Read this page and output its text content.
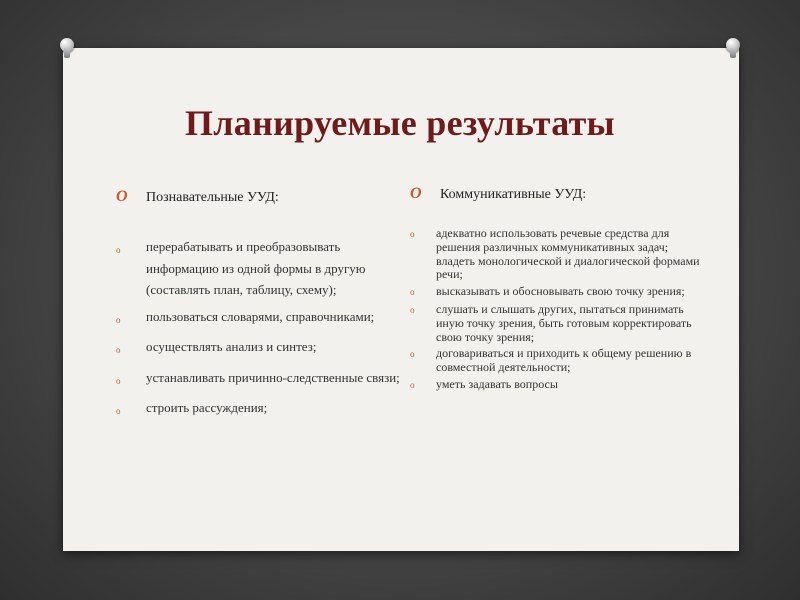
Планируемые результаты
O	Познавательные УУД:
o	перерабатывать и преобразовывать информацию из одной формы в другую (составлять план, таблицу, схему);
o	пользоваться словарями, справочниками;
o	осуществлять анализ и синтез;
o	устанавливать причинно-следственные связи;
o	строить рассуждения;
O	Коммуникативные УУД:
o	адекватно использовать речевые средства для решения различных коммуникативных задач; владеть монологической и диалогической формами речи;
o	высказывать и обосновывать свою точку зрения;
o	слушать и слышать других, пытаться принимать иную точку зрения, быть готовым корректировать свою точку зрения;
o	договариваться и приходить к общему решению в совместной деятельности;
o	уметь задавать вопросы
